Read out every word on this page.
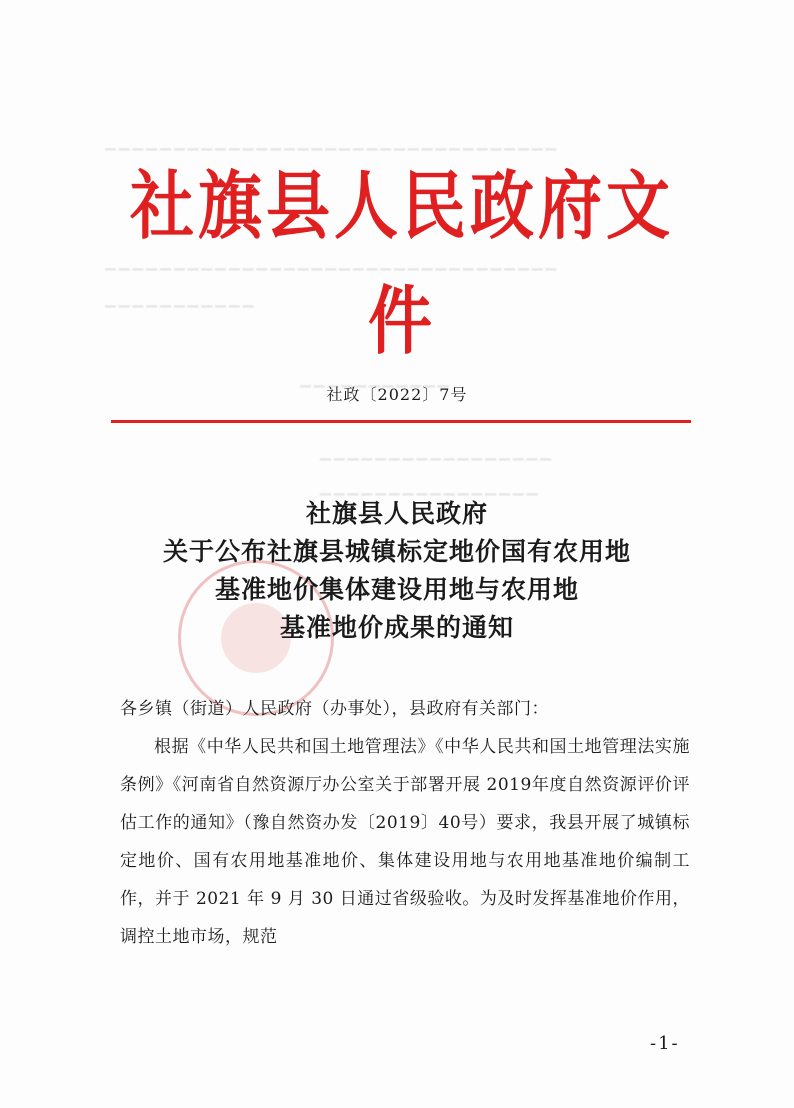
▁▁▁▁▁▁▁▁▁▁▁▁▁▁▁▁▁▁▁▁▁▁▁▁▁▁▁▁▁▁▁▁▁
▁▁▁▁▁▁▁▁▁▁▁▁▁▁▁▁▁▁▁▁▁▁▁▁▁▁▁▁▁▁▁▁▁
▁▁▁▁▁▁▁▁▁▁▁
▁▁▁▁▁▁▁▁▁▁▁
▁▁▁▁▁▁▁▁▁▁▁▁▁▁▁▁▁
▁▁▁▁▁▁▁▁▁▁▁▁▁▁▁▁
社旗县人民政府文件
社政〔2022〕7号
社旗县人民政府
关于公布社旗县城镇标定地价国有农用地
基准地价集体建设用地与农用地
基准地价成果的通知
各乡镇（街道）人民政府（办事处），县政府有关部门：
根据《中华人民共和国土地管理法》《中华人民共和国土地管理法实施条例》《河南省自然资源厅办公室关于部署开展 2019年度自然资源评价评估工作的通知》（豫自然资办发〔2019〕40号）要求，我县开展了城镇标定地价、国有农用地基准地价、集体建设用地与农用地基准地价编制工作，并于 2021 年 9 月 30 日通过省级验收。为及时发挥基准地价作用，调控土地市场，规范
-1-
